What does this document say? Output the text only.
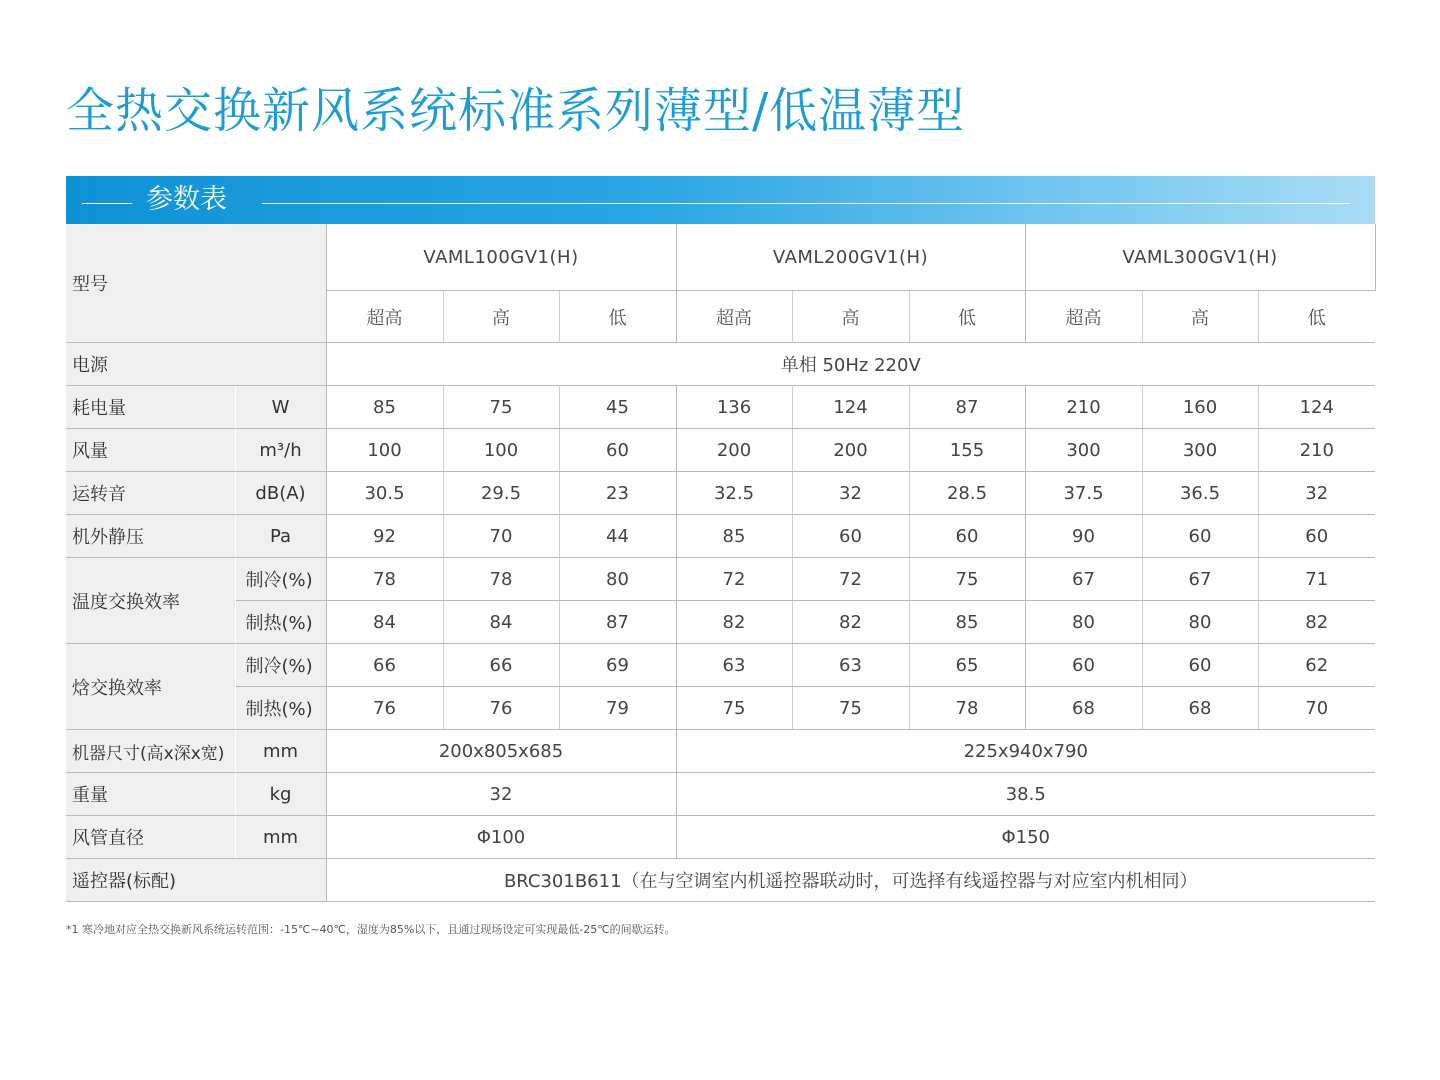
全热交换新风系统标准系列薄型/低温薄型
参数表
型号		VAML100GV1(H)			VAML200GV1(H)			VAML300GV1(H)		
		超高	高	低	超高	高	低	超高	高	低
电源		单相 50Hz 220V								
耗电量	W	85	75	45	136	124	87	210	160	124
风量	m³/h	100	100	60	200	200	155	300	300	210
运转音	dB(A)	30.5	29.5	23	32.5	32	28.5	37.5	36.5	32
机外静压	Pa	92	70	44	85	60	60	90	60	60
温度交换效率	制冷(%)	78	78	80	72	72	75	67	67	71
	制热(%)	84	84	87	82	82	85	80	80	82
焓交换效率	制冷(%)	66	66	69	63	63	65	60	60	62
	制热(%)	76	76	79	75	75	78	68	68	70
机器尺寸(高x深x宽)	mm	200x805x685			225x940x790					
重量	kg	32			38.5					
风管直径	mm	Φ100			Φ150					
遥控器(标配)		BRC301B611（在与空调室内机遥控器联动时，可选择有线遥控器与对应室内机相同）								
*1 寒冷地对应全热交换新风系统运转范围：-15℃~40℃，湿度为85%以下，且通过现场设定可实现最低-25℃的间歇运转。
